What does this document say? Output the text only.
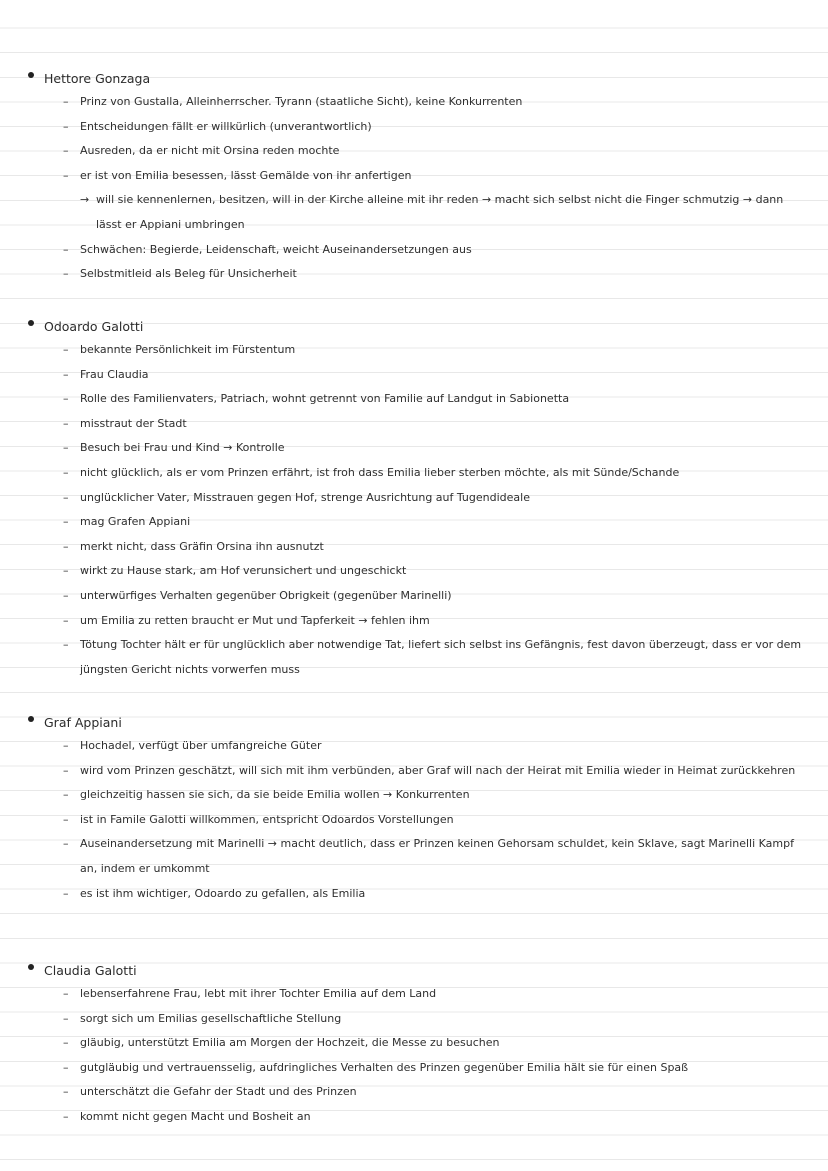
Hettore Gonzaga
– Prinz von Gustalla, Alleinherrscher. Tyrann (staatliche Sicht), keine Konkurrenten
– Entscheidungen fällt er willkürlich (unverantwortlich)
– Ausreden, da er nicht mit Orsina reden mochte
– er ist von Emilia besessen, lässt Gemälde von ihr anfertigen
→ will sie kennenlernen, besitzen, will in der Kirche alleine mit ihr reden → macht sich selbst nicht die Finger schmutzig → dann lässt er Appiani umbringen
– Schwächen: Begierde, Leidenschaft, weicht Auseinandersetzungen aus
– Selbstmitleid als Beleg für Unsicherheit
Odoardo Galotti
– bekannte Persönlichkeit im Fürstentum
– Frau Claudia
– Rolle des Familienvaters, Patriach, wohnt getrennt von Familie auf Landgut in Sabionetta
– misstraut der Stadt
– Besuch bei Frau und Kind → Kontrolle
– nicht glücklich, als er vom Prinzen erfährt, ist froh dass Emilia lieber sterben möchte, als mit Sünde/Schande
– unglücklicher Vater, Misstrauen gegen Hof, strenge Ausrichtung auf Tugendideale
– mag Grafen Appiani
– merkt nicht, dass Gräfin Orsina ihn ausnutzt
– wirkt zu Hause stark, am Hof verunsichert und ungeschickt
– unterwürfiges Verhalten gegenüber Obrigkeit (gegenüber Marinelli)
– um Emilia zu retten braucht er Mut und Tapferkeit → fehlen ihm
– Tötung Tochter hält er für unglücklich aber notwendige Tat, liefert sich selbst ins Gefängnis, fest davon überzeugt, dass er vor dem jüngsten Gericht nichts vorwerfen muss
Graf Appiani
– Hochadel, verfügt über umfangreiche Güter
– wird vom Prinzen geschätzt, will sich mit ihm verbünden, aber Graf will nach der Heirat mit Emilia wieder in Heimat zurückkehren
– gleichzeitig hassen sie sich, da sie beide Emilia wollen → Konkurrenten
– ist in Famile Galotti willkommen, entspricht Odoardos Vorstellungen
– Auseinandersetzung mit Marinelli → macht deutlich, dass er Prinzen keinen Gehorsam schuldet, kein Sklave, sagt Marinelli Kampf an, indem er umkommt
– es ist ihm wichtiger, Odoardo zu gefallen, als Emilia
Claudia Galotti
– lebenserfahrene Frau, lebt mit ihrer Tochter Emilia auf dem Land
– sorgt sich um Emilias gesellschaftliche Stellung
– gläubig, unterstützt Emilia am Morgen der Hochzeit, die Messe zu besuchen
– gutgläubig und vertrauensselig, aufdringliches Verhalten des Prinzen gegenüber Emilia hält sie für einen Spaß
– unterschätzt die Gefahr der Stadt und des Prinzen
– kommt nicht gegen Macht und Bosheit an
